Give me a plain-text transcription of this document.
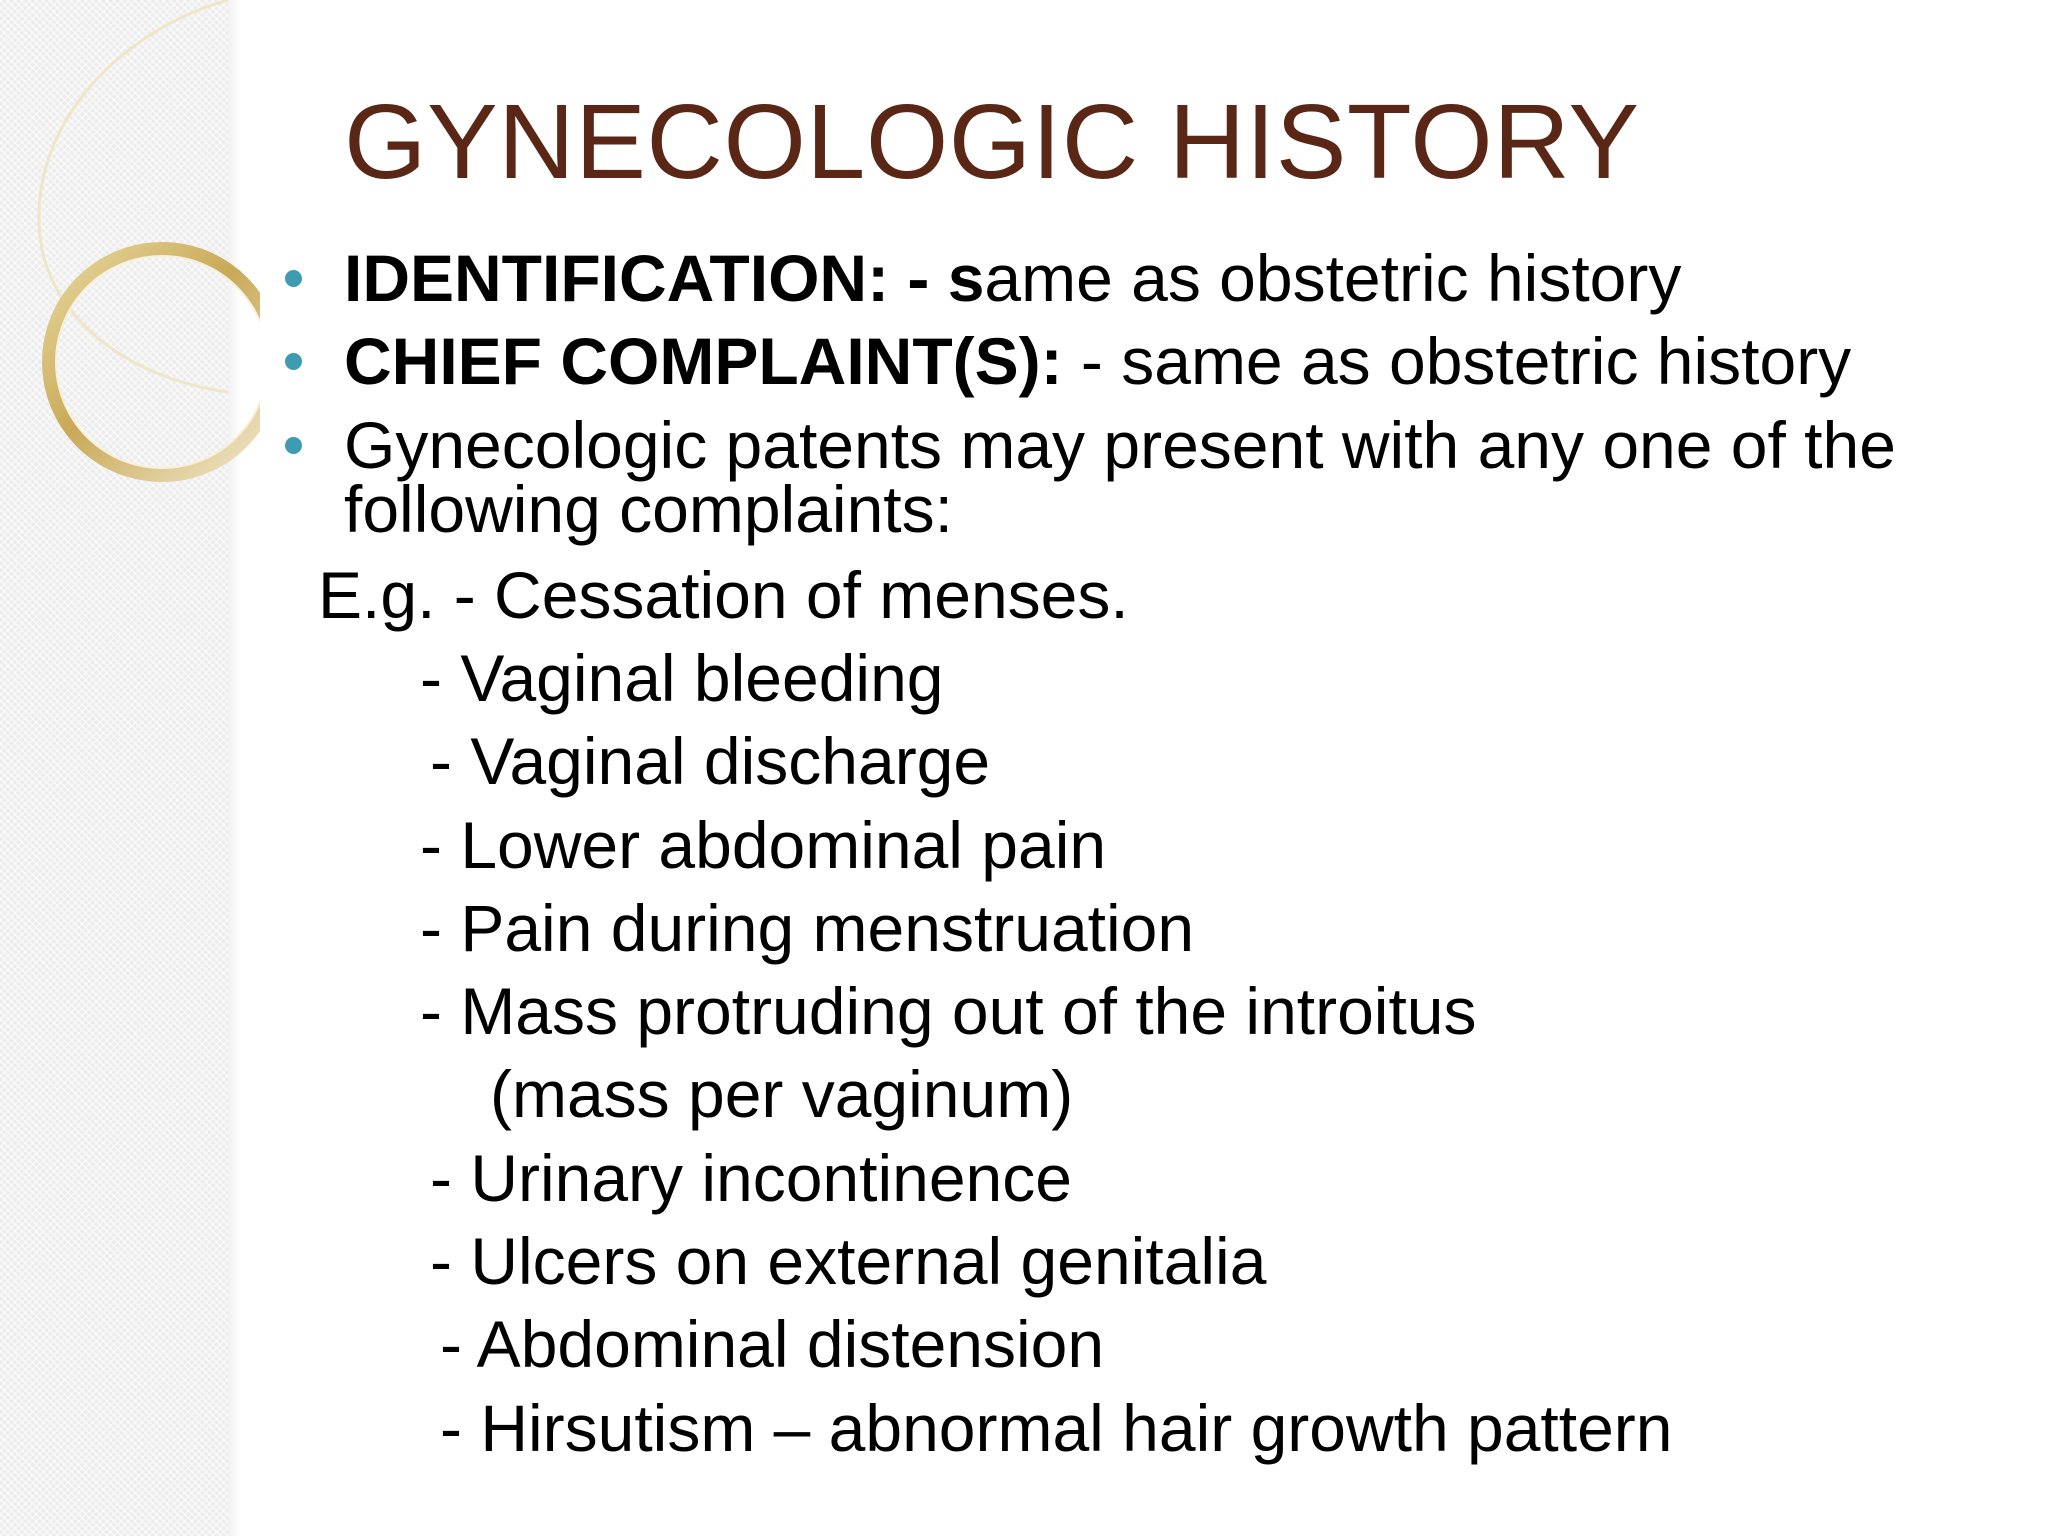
GYNECOLOGIC HISTORY
IDENTIFICATION: - same as obstetric history
CHIEF COMPLAINT(S): - same as obstetric history
Gynecologic patents may present with any one of the
following complaints:
E.g. - Cessation of menses.
- Vaginal bleeding
- Vaginal discharge
- Lower abdominal pain
- Pain during menstruation
- Mass protruding out of the introitus
(mass per vaginum)
- Urinary incontinence
- Ulcers on external genitalia
- Abdominal distension
- Hirsutism – abnormal hair growth pattern
